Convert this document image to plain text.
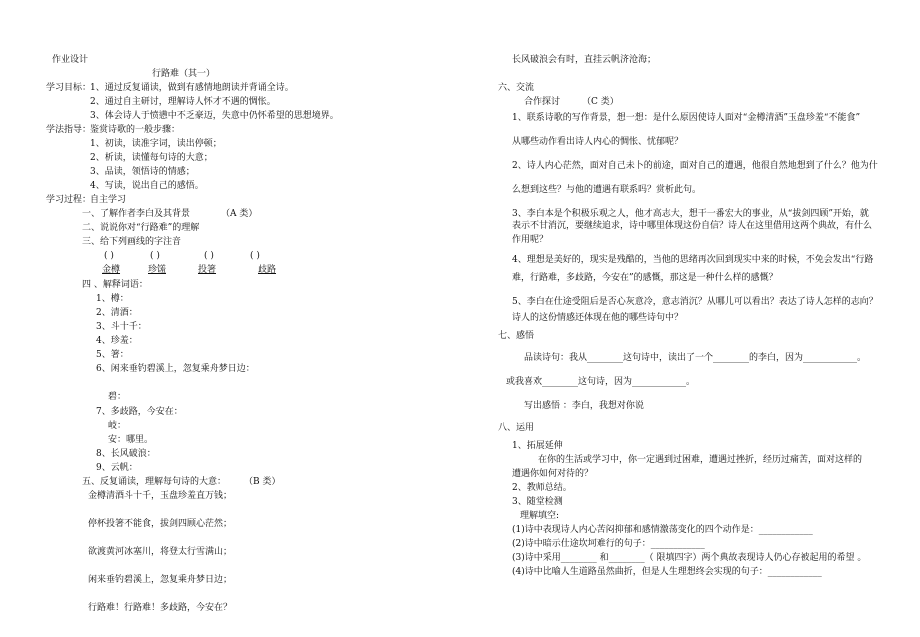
作业设计
行路难（其一）
学习目标：
1、通过反复诵读，做到有感情地朗读并背诵全诗。
2、通过自主研讨，理解诗人怀才不遇的惆怅。
3、体会诗人于愤懑中不乏豪迈，失意中仍怀希望的思想境界。
学法指导：
鉴赏诗歌的一般步骤：
1、初读，读准字词，读出停顿；
2、析读，读懂每句诗的大意；
3、品读，领悟诗的情感；
4、写读，说出自己的感悟。
学习过程：
自主学习
一、了解作者李白及其背景	（A 类）
二、说说你对“行路难”的理解
三、给下列画线的字注音
( )	( )	( )	( )
金樽	珍馐	投箸	歧路
四 、解释词语：
1、樽：
2、清酒：
3、斗十千：
4、珍羞：
5、箸：
6、闲来垂钓碧溪上，忽复乘舟梦日边：
碧：
7、多歧路，今安在：
岐：
安：哪里。
8、长风破浪：
9、云帆：
五、反复诵读，理解每句诗的大意： （B 类）
金樽清酒斗十千，玉盘珍羞直万钱；
停杯投箸不能食，拔剑四顾心茫然；
欲渡黄河冰塞川，将登太行雪满山；
闲来垂钓碧溪上，忽复乘舟梦日边；
行路难！行路难！多歧路，今安在？
长风破浪会有时，直挂云帆济沧海；
六、交流
合作探讨 （C 类）
1、联系诗歌的写作背景，想一想：是什么原因使诗人面对“金樽清酒”玉盘珍羞“不能食”
从哪些动作看出诗人内心的惆怅、忧郁呢？
2、诗人内心茫然，面对自己未卜的前途，面对自己的遭遇，他很自然地想到了什么？他为什
么想到这些？与他的遭遇有联系吗？赏析此句。
3、李白本是个积极乐观之人，他才高志大，想干一番宏大的事业，从“拔剑四顾”开始，就
表示不甘消沉，要继续追求，诗中哪里体现这份自信？诗人在这里借用这两个典故，有什么
作用呢？
4、理想是美好的，现实是残酷的，当他的思绪再次回到现实中来的时候，不免会发出“行路
难，行路难，多歧路，今安在”的感慨，那这是一种什么样的感慨？
5、李白在仕途受阻后是否心灰意冷，意志消沉？从哪儿可以看出？表达了诗人怎样的志向？
诗人的这份情感还体现在他的哪些诗句中？
七、感悟
品读诗句：我从________这句诗中，读出了一个________的李白，因为____________。
或我喜欢________这句诗，因为____________。
写出感悟 ：李白，我想对你说
八、运用
1、拓展延伸
在你的生活或学习中，你一定遇到过困难，遭遇过挫折，经历过痛苦，面对这样的
遭遇你如何对待的？
2、教师总结。
3、随堂检测
理解填空:
(1)诗中表现诗人内心苦闷抑郁和感情激荡变化的四个动作是：____________
(2)诗中暗示仕途坎坷难行的句子：____________
(3)诗中采用________ 和________（ 限填四字）两个典故表现诗人仍心存被起用的希望 。
(4)诗中比喻人生道路虽然曲折，但是人生理想终会实现的句子：____________
